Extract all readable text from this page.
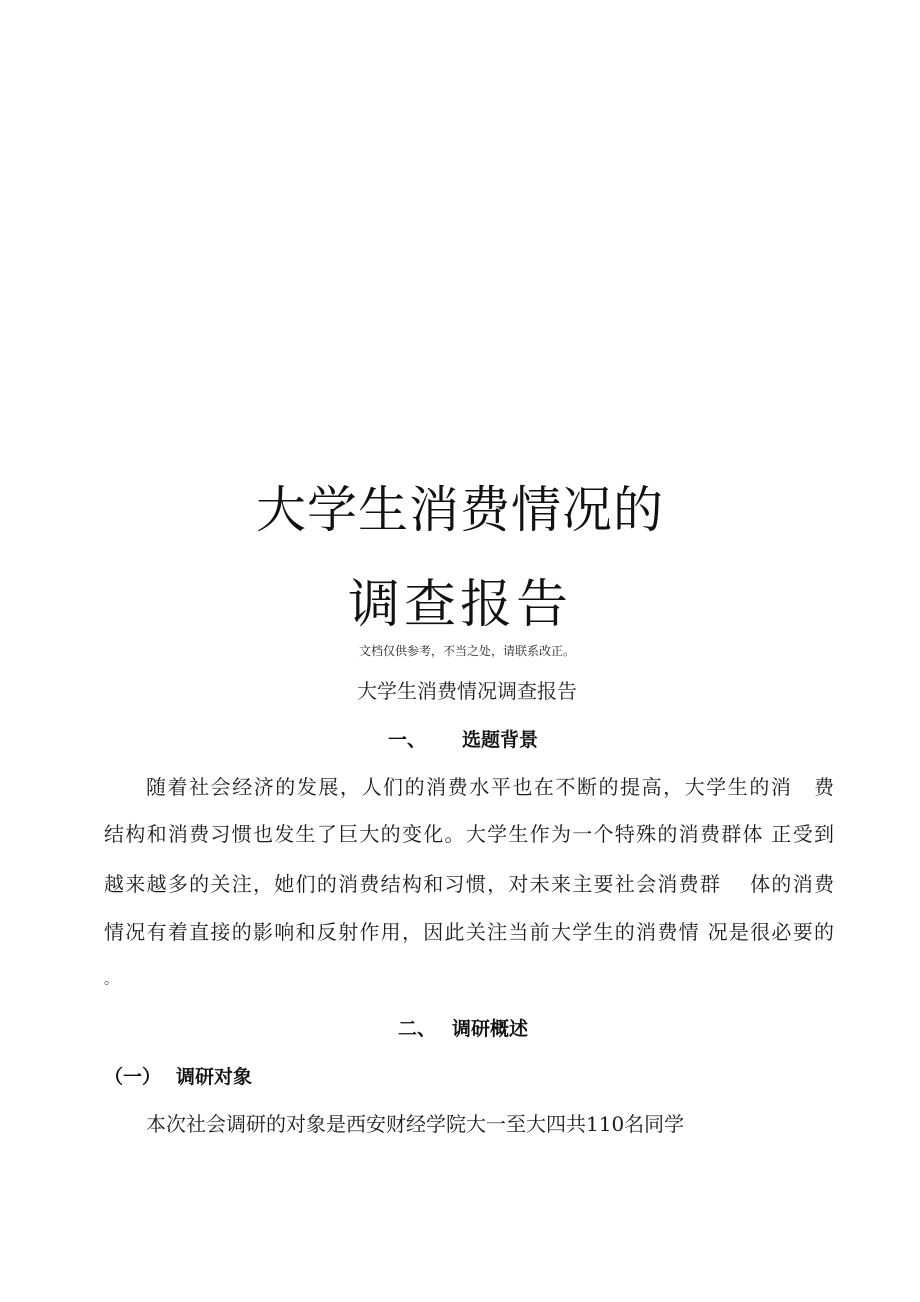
大学生消费情况的
调查报告
文档仅供参考，不当之处，请联系改正。
大学生消费情况调查报告
一、 选题背景
随着社会经济的发展，人们的消费水平也在不断的提高，大学生的消　费
结构和消费习惯也发生了巨大的变化。大学生作为一个特殊的消费群体 正受到
越来越多的关注，她们的消费结构和习惯，对未来主要社会消费群　 体的消费
情况有着直接的影响和反射作用，因此关注当前大学生的消费情 况是很必要的
。
二、 调研概述
（一） 调研对象
本次社会调研的对象是西安财经学院大一至大四共110名同学
